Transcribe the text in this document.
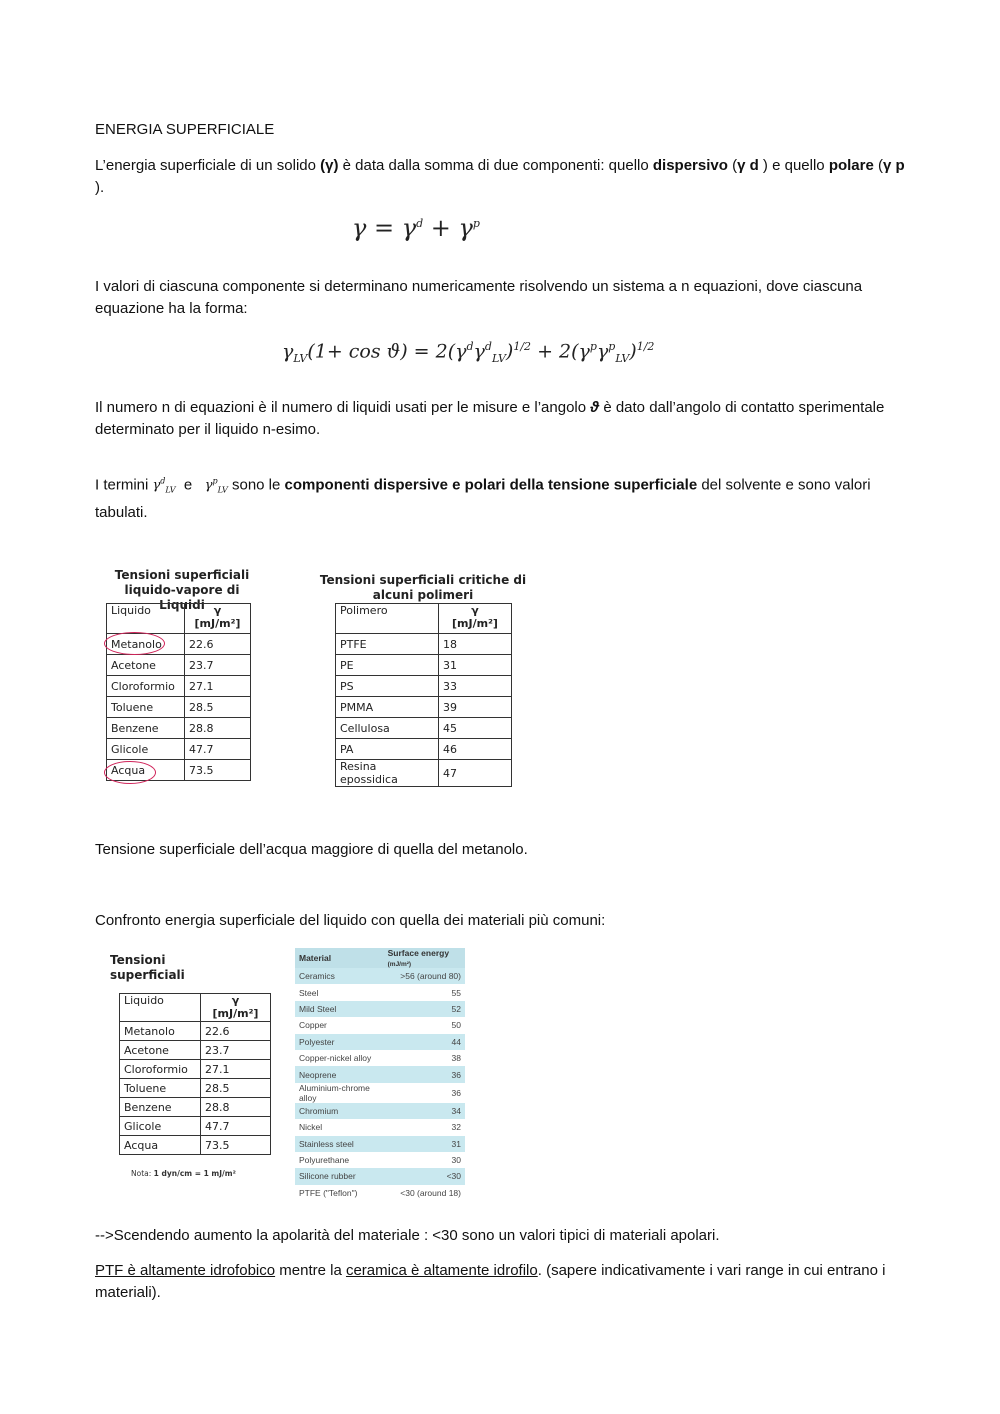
ENERGIA SUPERFICIALE
L’energia superficiale di un solido (γ) è data dalla somma di due componenti: quello dispersivo (γ d ) e quello polare (γ p ).
$\gamma = \gamma^d + \gamma^p$
I valori di ciascuna componente si determinano numericamente risolvendo un sistema a n equazioni, dove ciascuna equazione ha la forma:
$\gamma_{LV}(1+ \cos ϑ) = 2(\gamma^d\gamma^d_{LV})^{1/2} + 2(\gamma^p\gamma^p_{LV})^{1/2}$
Il numero n di equazioni è il numero di liquidi usati per le misure e l’angolo ϑ è dato dall’angolo di contatto sperimentale determinato per il liquido n-esimo.
I termini $\gamma^d_{LV}$ e $\gamma^p_{LV}$ sono le componenti dispersive e polari della tensione superficiale del solvente e sono valori tabulati.
Tensioni superficiali liquido-vapore di Liquidi
Liquido	γ
[mJ/m²]

Metanolo	22.6
Acetone	23.7
Cloroformio	27.1
Toluene	28.5
Benzene	28.8
Glicole	47.7
Acqua	73.5
Tensioni superficiali critiche di alcuni polimeri
Polimero	γ
[mJ/m²]

PTFE	18
PE	31
PS	33
PMMA	39
Cellulosa	45
PA	46
Resina epossidica	47
Tensione superficiale dell’acqua maggiore di quella del metanolo.
Confronto energia superficiale del liquido con quella dei materiali più comuni:
Tensioni superficiali
Liquido	γ
[mJ/m²]

Metanolo	22.6
Acetone	23.7
Cloroformio	27.1
Toluene	28.5
Benzene	28.8
Glicole	47.7
Acqua	73.5
Nota: 1 dyn/cm = 1 mJ/m²
Material	Surface energy (mJ/m²)
Ceramics	>56 (around 80)
Steel	55
Mild Steel	52
Copper	50
Polyester	44
Copper-nickel alloy	38
Neoprene	36
Aluminium-chrome alloy	36
Chromium	34
Nickel	32
Stainless steel	31
Polyurethane	30
Silicone rubber	<30
PTFE ("Teflon")	<30 (around 18)
-->Scendendo aumento la apolarità del materiale : <30 sono un valori tipici di materiali apolari.
PTF è altamente idrofobico mentre la ceramica è altamente idrofilo. (sapere indicativamente i vari range in cui entrano i materiali).
